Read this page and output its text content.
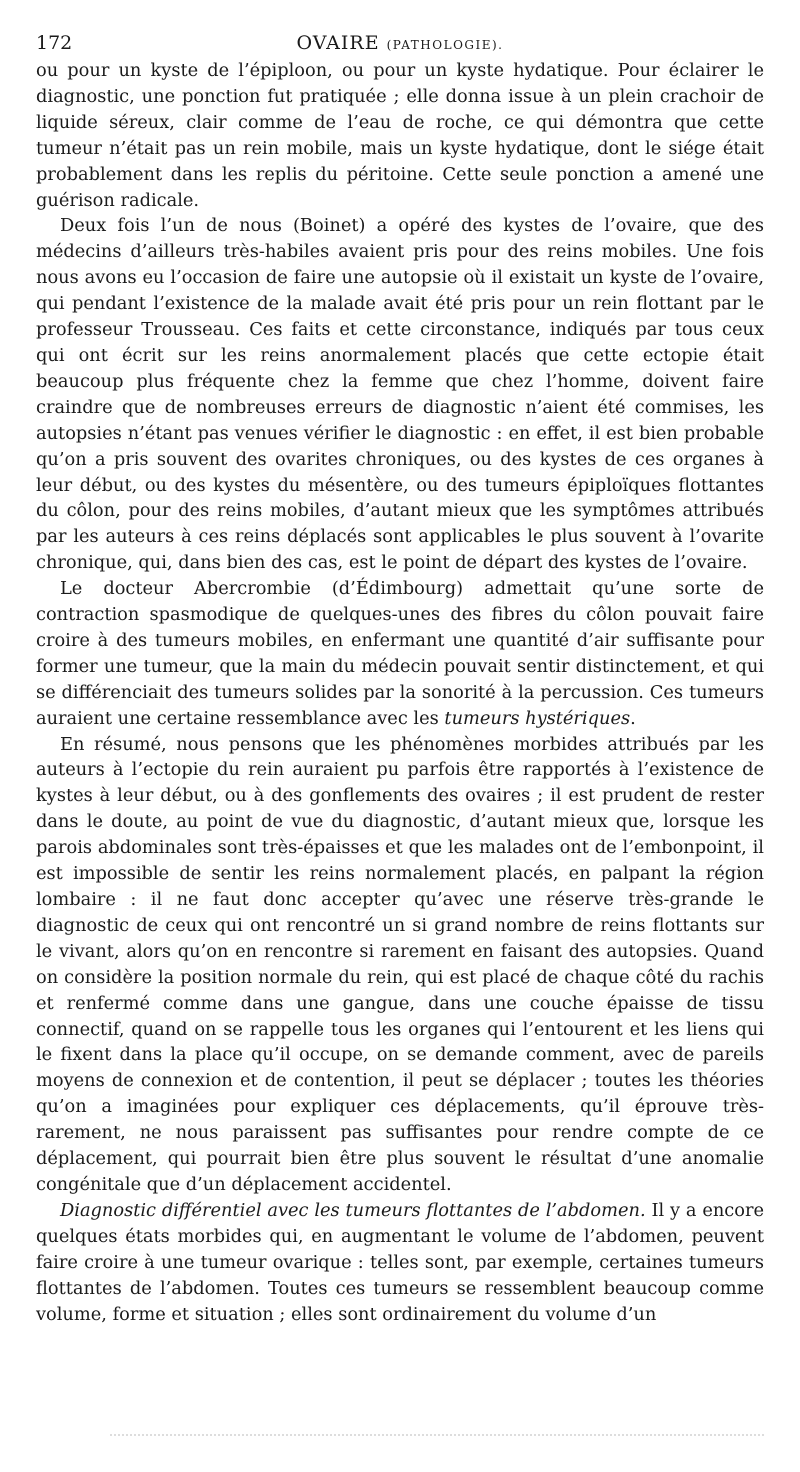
172	OVAIRE (PATHOLOGIE).

ou pour un kyste de l’épiploon, ou pour un kyste hydatique. Pour éclairer le diagnostic, une ponction fut pratiquée ; elle donna issue à un plein crachoir de liquide séreux, clair comme de l’eau de roche, ce qui démontra que cette tumeur n’était pas un rein mobile, mais un kyste hydatique, dont le siége était probablement dans les replis du péritoine. Cette seule ponction a amené une guérison radicale.

Deux fois l’un de nous (Boinet) a opéré des kystes de l’ovaire, que des médecins d’ailleurs très-habiles avaient pris pour des reins mobiles. Une fois nous avons eu l’occasion de faire une autopsie où il existait un kyste de l’ovaire, qui pendant l’existence de la malade avait été pris pour un rein flottant par le professeur Trousseau. Ces faits et cette circonstance, indiqués par tous ceux qui ont écrit sur les reins anormalement placés que cette ectopie était beaucoup plus fréquente chez la femme que chez l’homme, doivent faire craindre que de nombreuses erreurs de diagnostic n’aient été commises, les autopsies n’étant pas venues vérifier le diagnostic : en effet, il est bien probable qu’on a pris souvent des ovarites chroniques, ou des kystes de ces organes à leur début, ou des kystes du mésentère, ou des tumeurs épiploïques flottantes du côlon, pour des reins mobiles, d’autant mieux que les symptômes attribués par les auteurs à ces reins déplacés sont applicables le plus souvent à l’ovarite chronique, qui, dans bien des cas, est le point de départ des kystes de l’ovaire.

Le docteur Abercrombie (d’Édimbourg) admettait qu’une sorte de contraction spasmodique de quelques-unes des fibres du côlon pouvait faire croire à des tumeurs mobiles, en enfermant une quantité d’air suffisante pour former une tumeur, que la main du médecin pouvait sentir distinctement, et qui se différenciait des tumeurs solides par la sonorité à la percussion. Ces tumeurs auraient une certaine ressemblance avec les tumeurs hystériques.

En résumé, nous pensons que les phénomènes morbides attribués par les auteurs à l’ectopie du rein auraient pu parfois être rapportés à l’existence de kystes à leur début, ou à des gonflements des ovaires ; il est prudent de rester dans le doute, au point de vue du diagnostic, d’autant mieux que, lorsque les parois abdominales sont très-épaisses et que les malades ont de l’embonpoint, il est impossible de sentir les reins normalement placés, en palpant la région lombaire : il ne faut donc accepter qu’avec une réserve très-grande le diagnostic de ceux qui ont rencontré un si grand nombre de reins flottants sur le vivant, alors qu’on en rencontre si rarement en faisant des autopsies. Quand on considère la position normale du rein, qui est placé de chaque côté du rachis et renfermé comme dans une gangue, dans une couche épaisse de tissu connectif, quand on se rappelle tous les organes qui l’entourent et les liens qui le fixent dans la place qu’il occupe, on se demande comment, avec de pareils moyens de connexion et de contention, il peut se déplacer ; toutes les théories qu’on a imaginées pour expliquer ces déplacements, qu’il éprouve très-rarement, ne nous paraissent pas suffisantes pour rendre compte de ce déplacement, qui pourrait bien être plus souvent le résultat d’une anomalie congénitale que d’un déplacement accidentel.

Diagnostic différentiel avec les tumeurs flottantes de l’abdomen. Il y a encore quelques états morbides qui, en augmentant le volume de l’abdomen, peuvent faire croire à une tumeur ovarique : telles sont, par exemple, certaines tumeurs flottantes de l’abdomen. Toutes ces tumeurs se ressemblent beaucoup comme volume, forme et situation ; elles sont ordinairement du volume d’un
